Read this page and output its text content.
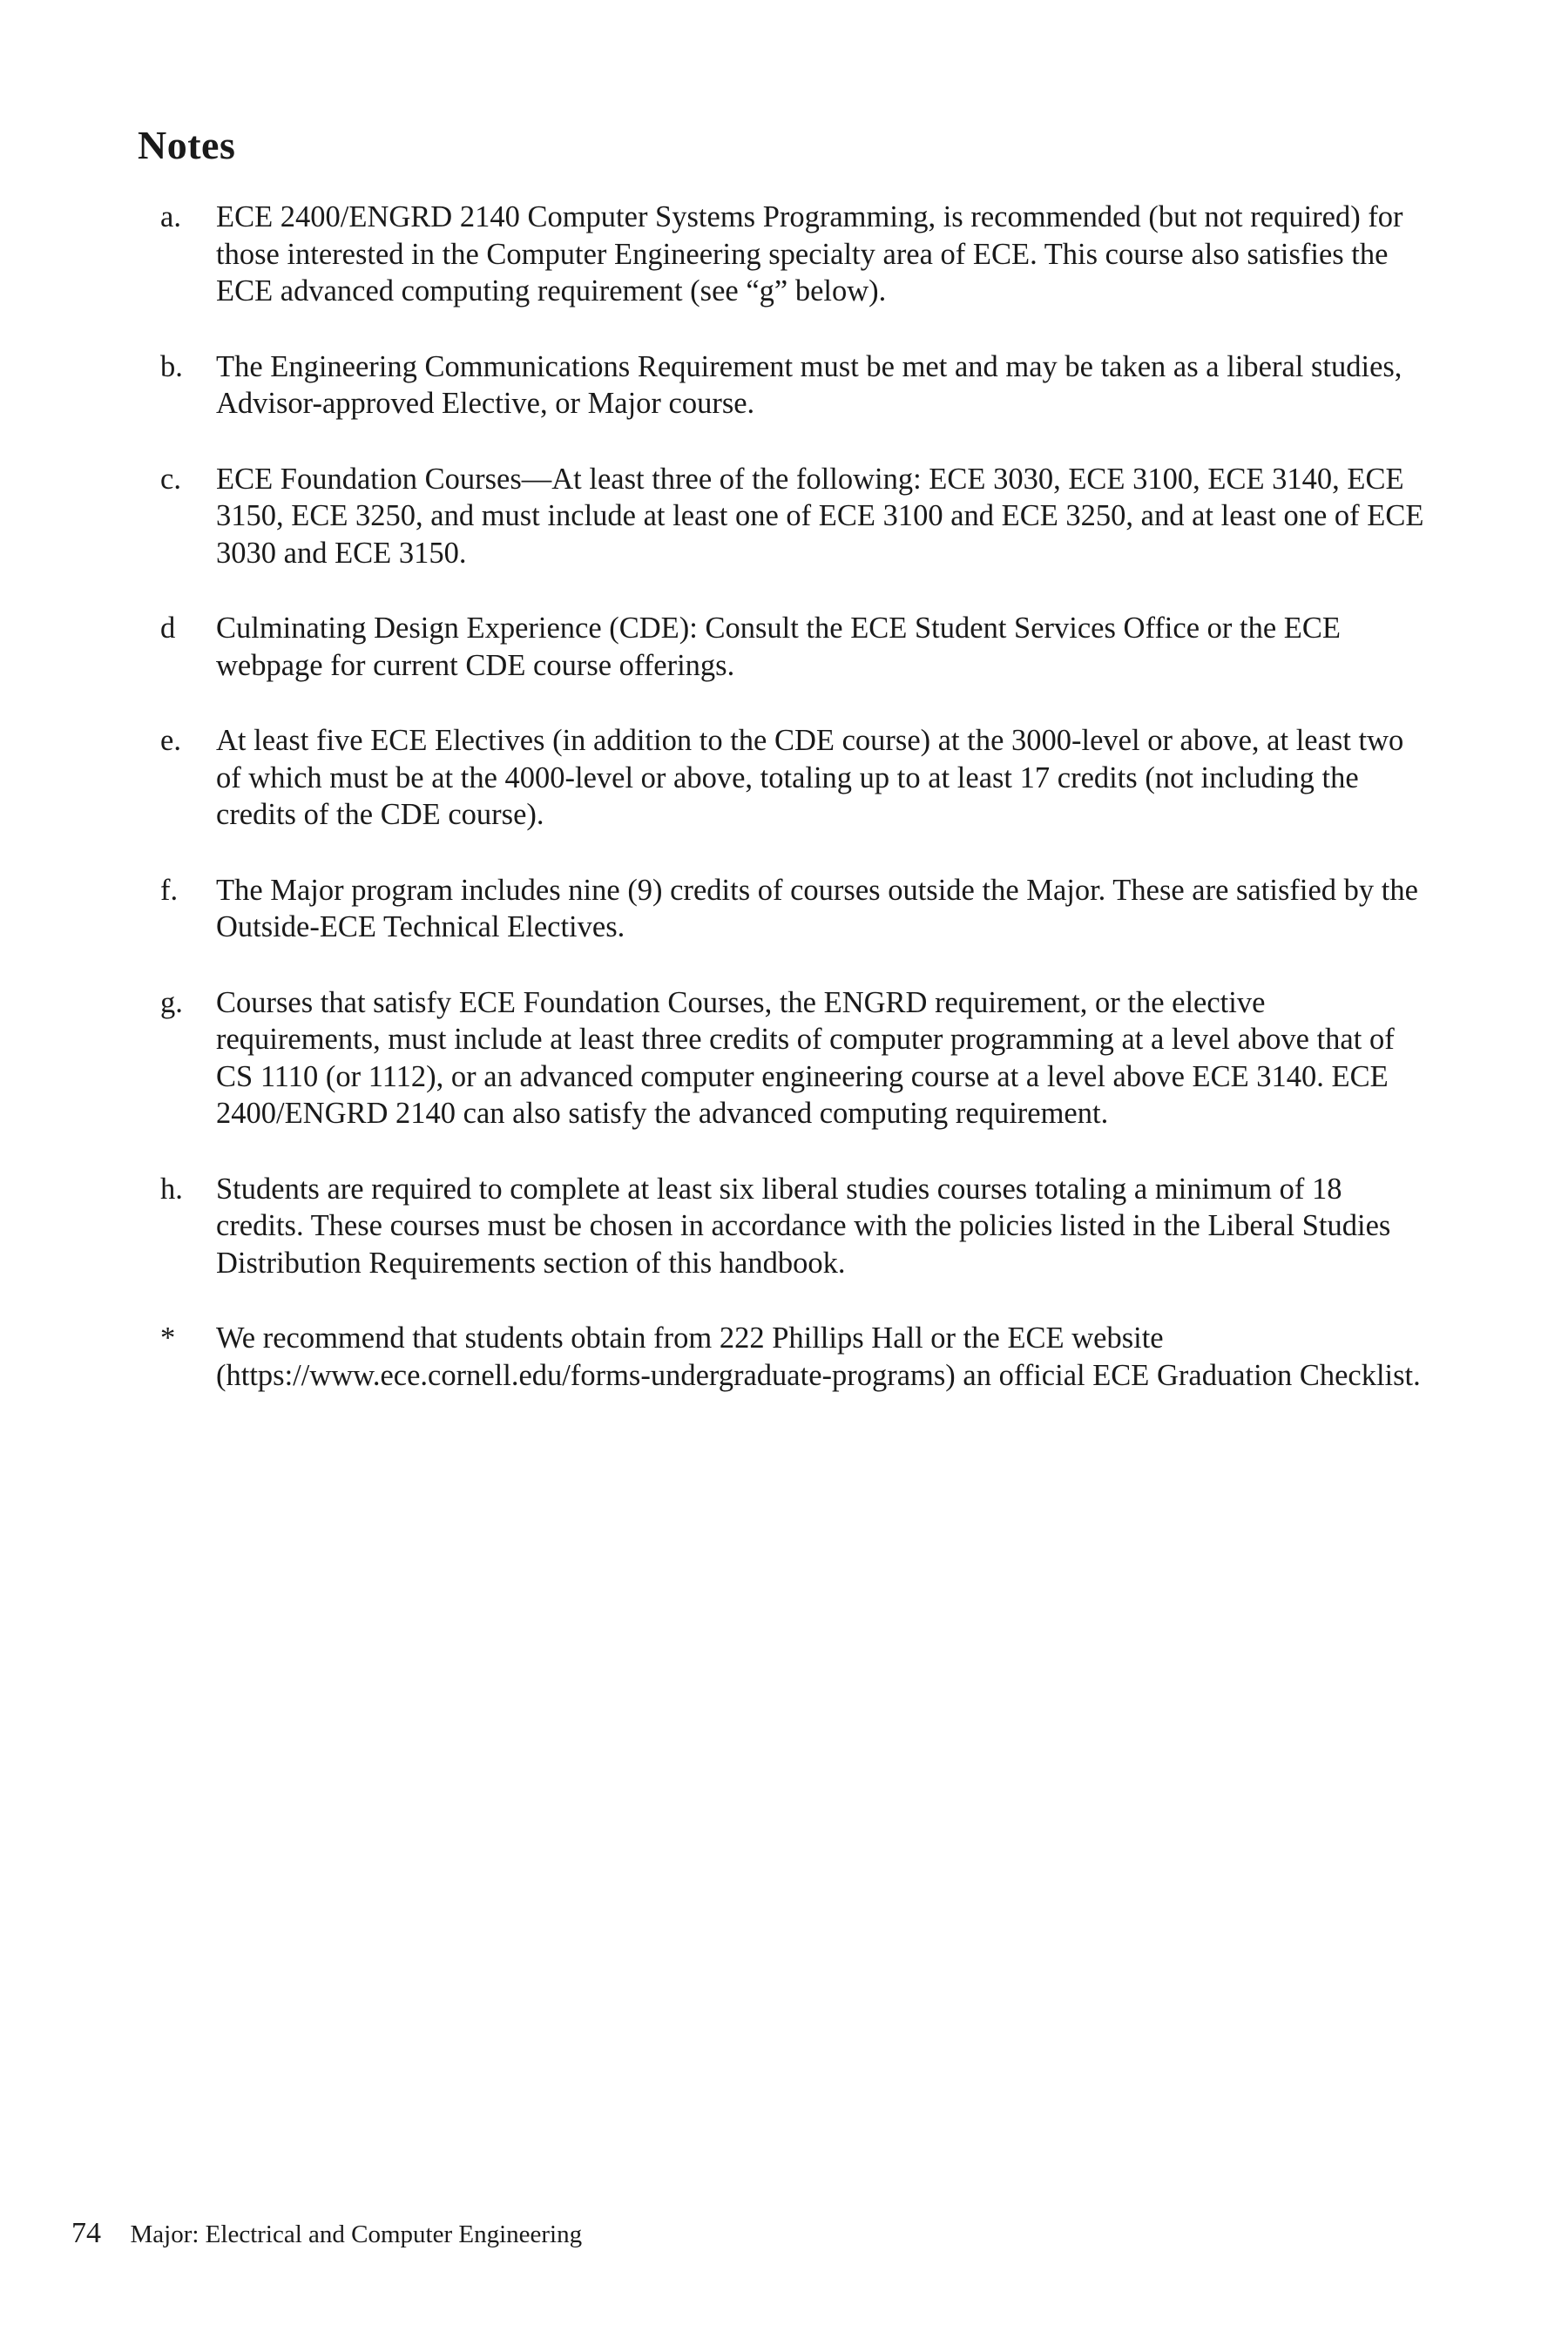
Notes
a.	ECE 2400/ENGRD 2140 Computer Systems Programming, is recommended (but not required) for those interested in the Computer Engineering specialty area of ECE. This course also satisfies the ECE advanced computing requirement (see “g” below).
b.	The Engineering Communications Requirement must be met and may be taken as a liberal studies, Advisor-approved Elective, or Major course.
c.	ECE Foundation Courses—At least three of the following: ECE 3030, ECE 3100, ECE 3140, ECE 3150, ECE 3250, and must include at least one of ECE 3100 and ECE 3250, and at least one of ECE 3030 and ECE 3150.
d	Culminating Design Experience (CDE): Consult the ECE Student Services Office or the ECE webpage for current CDE course offerings.
e.	At least five ECE Electives (in addition to the CDE course) at the 3000-level or above, at least two of which must be at the 4000-level or above, totaling up to at least 17 credits (not including the credits of the CDE course).
f.	The Major program includes nine (9) credits of courses outside the Major. These are satisfied by the Outside-ECE Technical Electives.
g.	Courses that satisfy ECE Foundation Courses, the ENGRD requirement, or the elective requirements, must include at least three credits of computer programming at a level above that of CS 1110 (or 1112), or an advanced computer engineering course at a level above ECE 3140. ECE 2400/ENGRD 2140 can also satisfy the advanced computing requirement.
h.	Students are required to complete at least six liberal studies courses totaling a minimum of 18 credits. These courses must be chosen in accordance with the policies listed in the Liberal Studies Distribution Requirements section of this handbook.
*	We recommend that students obtain from 222 Phillips Hall or the ECE website (https://www.ece.cornell.edu/forms-undergraduate-programs) an official ECE Graduation Checklist.
74 Major: Electrical and Computer Engineering
